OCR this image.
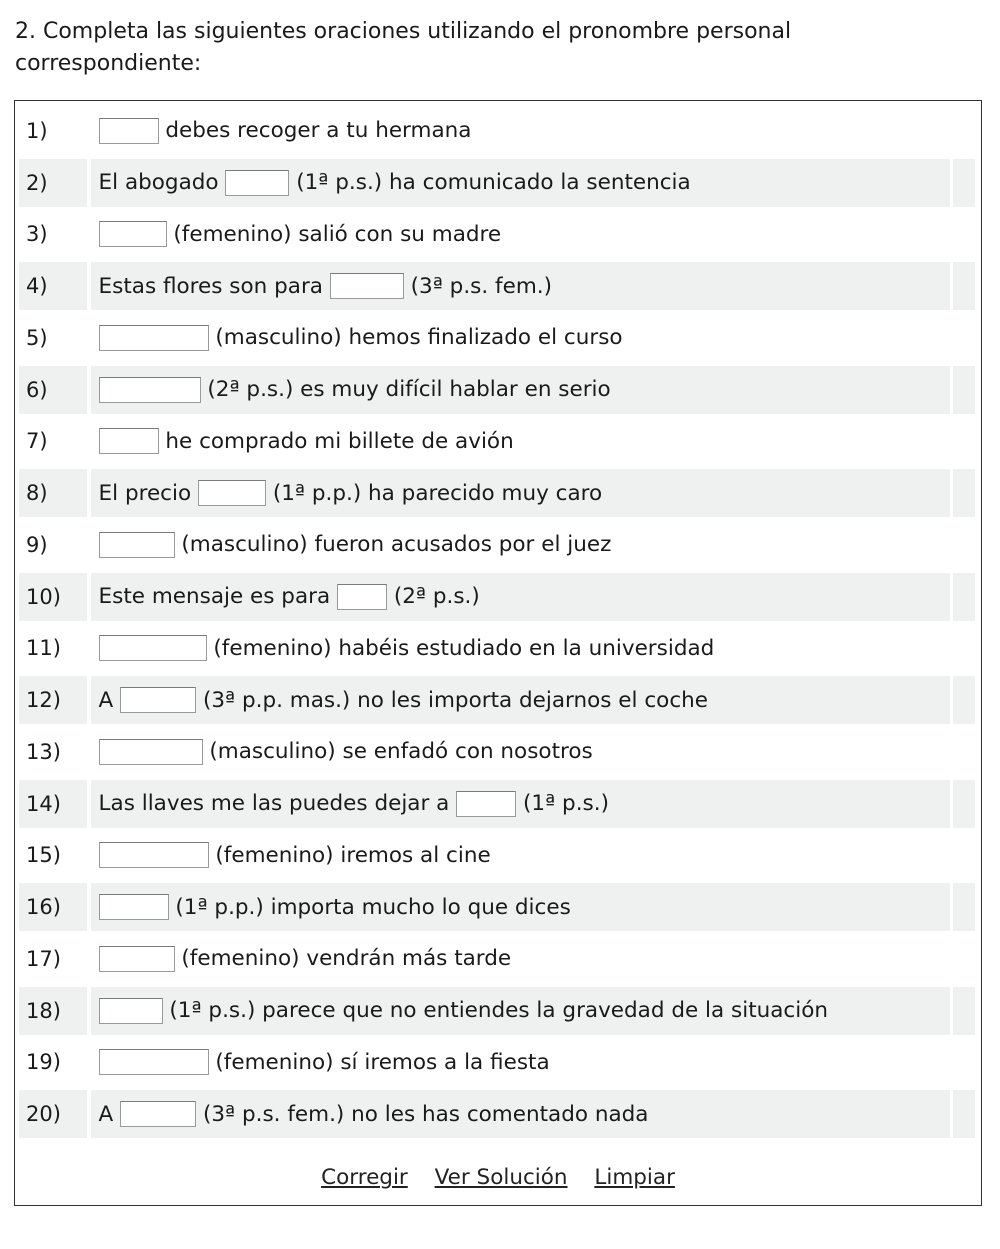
2. Completa las siguientes oraciones utilizando el pronombre personal correspondiente:
1)
	debes recoger a tu hermana
2)	El abogado

	(1ª p.s.) ha comunicado la sentencia
3)
	(femenino) salió con su madre
4)	Estas flores son para

	(3ª p.s. fem.)
5)
	(masculino) hemos finalizado el curso
6)
	(2ª p.s.) es muy difícil hablar en serio
7)
	he comprado mi billete de avión
8)	El precio

	(1ª p.p.) ha parecido muy caro
9)
	(masculino) fueron acusados por el juez
10)	Este mensaje es para

	(2ª p.s.)
11)
	(femenino) habéis estudiado en la universidad
12)	A

	(3ª p.p. mas.) no les importa dejarnos el coche
13)
	(masculino) se enfadó con nosotros
14)	Las llaves me las puedes dejar a

	(1ª p.s.)
15)
	(femenino) iremos al cine
16)
	(1ª p.p.) importa mucho lo que dices
17)
	(femenino) vendrán más tarde
18)
	(1ª p.s.) parece que no entiendes la gravedad de la situación
19)
	(femenino) sí iremos a la fiesta
20)	A

	(3ª p.s. fem.) no les has comentado nada
Corregir Ver Solución Limpiar
